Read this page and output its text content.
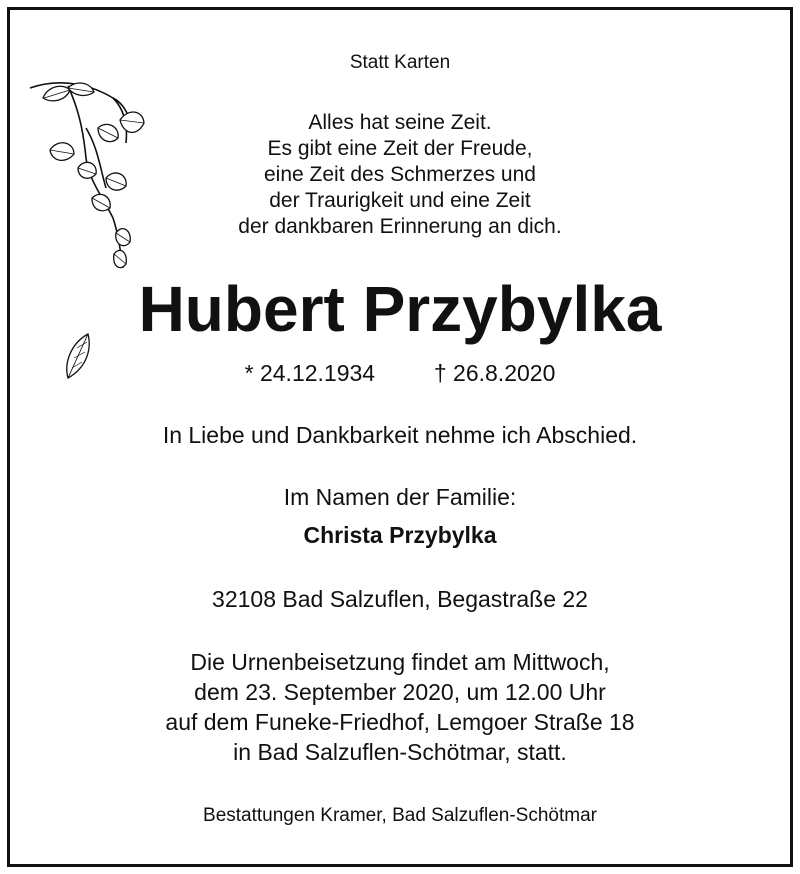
Statt Karten
Alles hat seine Zeit.
Es gibt eine Zeit der Freude,
eine Zeit des Schmerzes und
der Traurigkeit und eine Zeit
der dankbaren Erinnerung an dich.
Hubert Przybylka
* 24.12.1934	† 26.8.2020
In Liebe und Dankbarkeit nehme ich Abschied.
Im Namen der Familie:
Christa Przybylka
32108 Bad Salzuflen, Begastraße 22
Die Urnenbeisetzung findet am Mittwoch,
dem 23. September 2020, um 12.00 Uhr
auf dem Funeke-Friedhof, Lemgoer Straße 18
in Bad Salzuflen-Schötmar, statt.
Bestattungen Kramer, Bad Salzuflen-Schötmar
